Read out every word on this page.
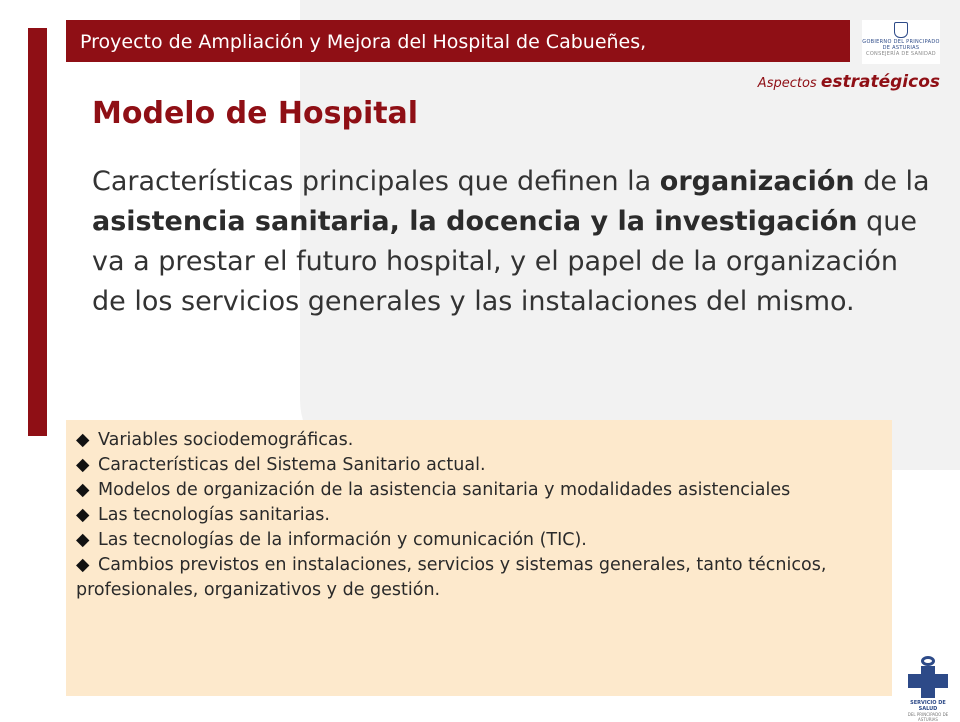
Proyecto de Ampliación y Mejora del Hospital de Cabueñes,	GOBIERNO DEL PRINCIPADO DE ASTURIAS
CONSEJERÍA DE SANIDAD
Aspectos estratégicos
Modelo de Hospital

Características principales que definen la organización de la asistencia sanitaria, la docencia y la investigación que va a prestar el futuro hospital, y el papel de la organización de los servicios generales y las instalaciones del mismo.

◆ Variables sociodemográficas.
◆ Características del Sistema Sanitario actual.
◆ Modelos de organización de la asistencia sanitaria y modalidades asistenciales
◆ Las tecnologías sanitarias.
◆ Las tecnologías de la información y comunicación (TIC).
◆ Cambios previstos en instalaciones, servicios y sistemas generales, tanto técnicos, profesionales, organizativos y de gestión.
SERVICIO DE SALUD
DEL PRINCIPADO DE ASTURIAS
